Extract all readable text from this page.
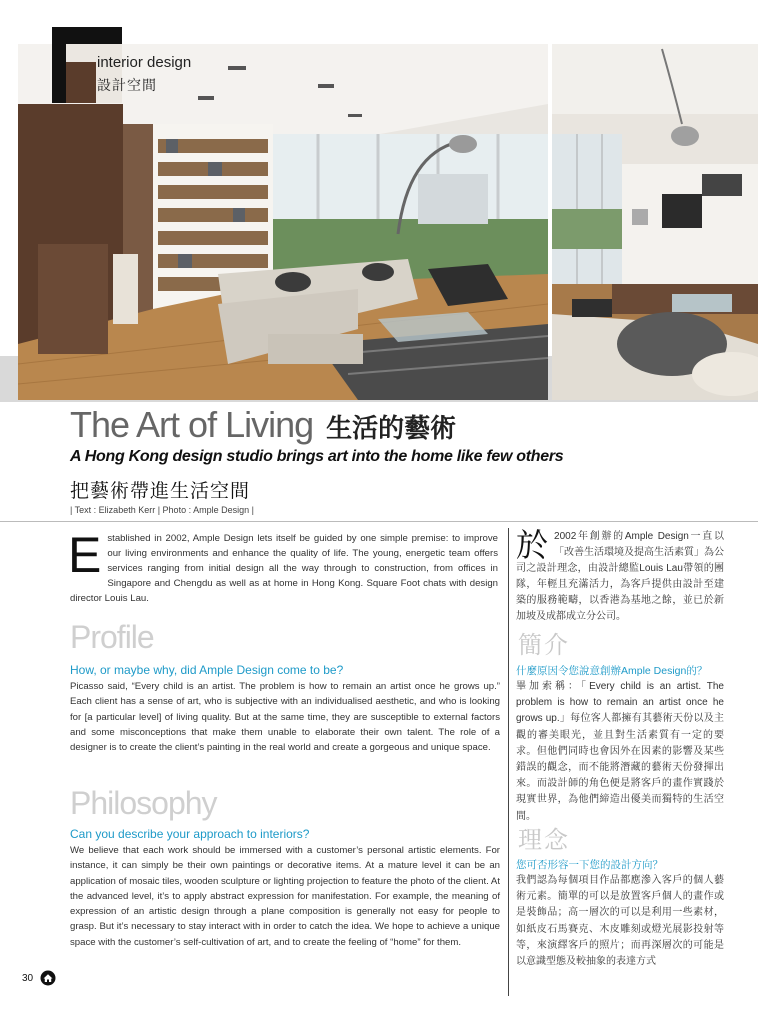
interior design
設計空間
The Art of Living 生活的藝術
A Hong Kong design studio brings art into the home like few others
把藝術帶進生活空間
| Text : Elizabeth Kerr | Photo : Ample Design |
E stablished in 2002, Ample Design lets itself be guided by one simple premise: to improve our living environments and enhance the quality of life. The young, energetic team offers services ranging from initial design all the way through to construction, from offices in Singapore and Chengdu as well as at home in Hong Kong. Square Foot chats with design director Louis Lau.
Profile
How, or maybe why, did Ample Design come to be?
Picasso said, “Every child is an artist. The problem is how to remain an artist once he grows up.” Each client has a sense of art, who is subjective with an individualised aesthetic, and who is looking for [a particular level] of living quality. But at the same time, they are susceptible to external factors and some misconceptions that make them unable to elaborate their own talent. The role of a designer is to create the client’s painting in the real world and create a gorgeous and unique space.
Philosophy
Can you describe your approach to interiors?
We believe that each work should be immersed with a customer’s personal artistic elements. For instance, it can simply be their own paintings or decorative items. At a mature level it can be an application of mosaic tiles, wooden sculpture or lighting projection to feature the photo of the client. At the advanced level, it’s to apply abstract expression for manifestation. For example, the meaning of expression of an artistic design through a plane composition is generally not easy for people to grasp. But it’s necessary to stay interact with in order to catch the idea. We hope to achieve a unique space with the customer’s self-cultivation of art, and to create the feeling of “home” for them.
於 2002年創辦的Ample Design一直以「改善生活環境及提高生活素質」為公司之設計理念，由設計總監Louis Lau帶領的團隊，年輕且充滿活力，為客戶提供由設計至建築的服務範疇，以香港為基地之餘，並已於新加坡及成都成立分公司。
簡介
什麼原因令您說意創辦Ample Design的？
畢加索稱：「Every child is an artist. The problem is how to remain an artist once he grows up.」每位客人都擁有其藝術天份以及主觀的審美眼光，並且對生活素質有一定的要求。但他們同時也會因外在因素的影響及某些錯誤的觀念，而不能將潛藏的藝術天份發揮出來。而設計師的角色便是將客戶的畫作實踐於現實世界，為他們締造出優美而獨特的生活空間。
理念
您可否形容一下您的設計方向？
我們認為每個項目作品都應滲入客戶的個人藝術元素。簡單的可以是放置客戶個人的畫作或是裝飾品；高一層次的可以是利用一些素材，如紙皮石馬賽克、木皮雕刻或燈光展影投射等等，來演繹客戶的照片；而再深層次的可能是以意識型態及較抽象的表達方式
30
